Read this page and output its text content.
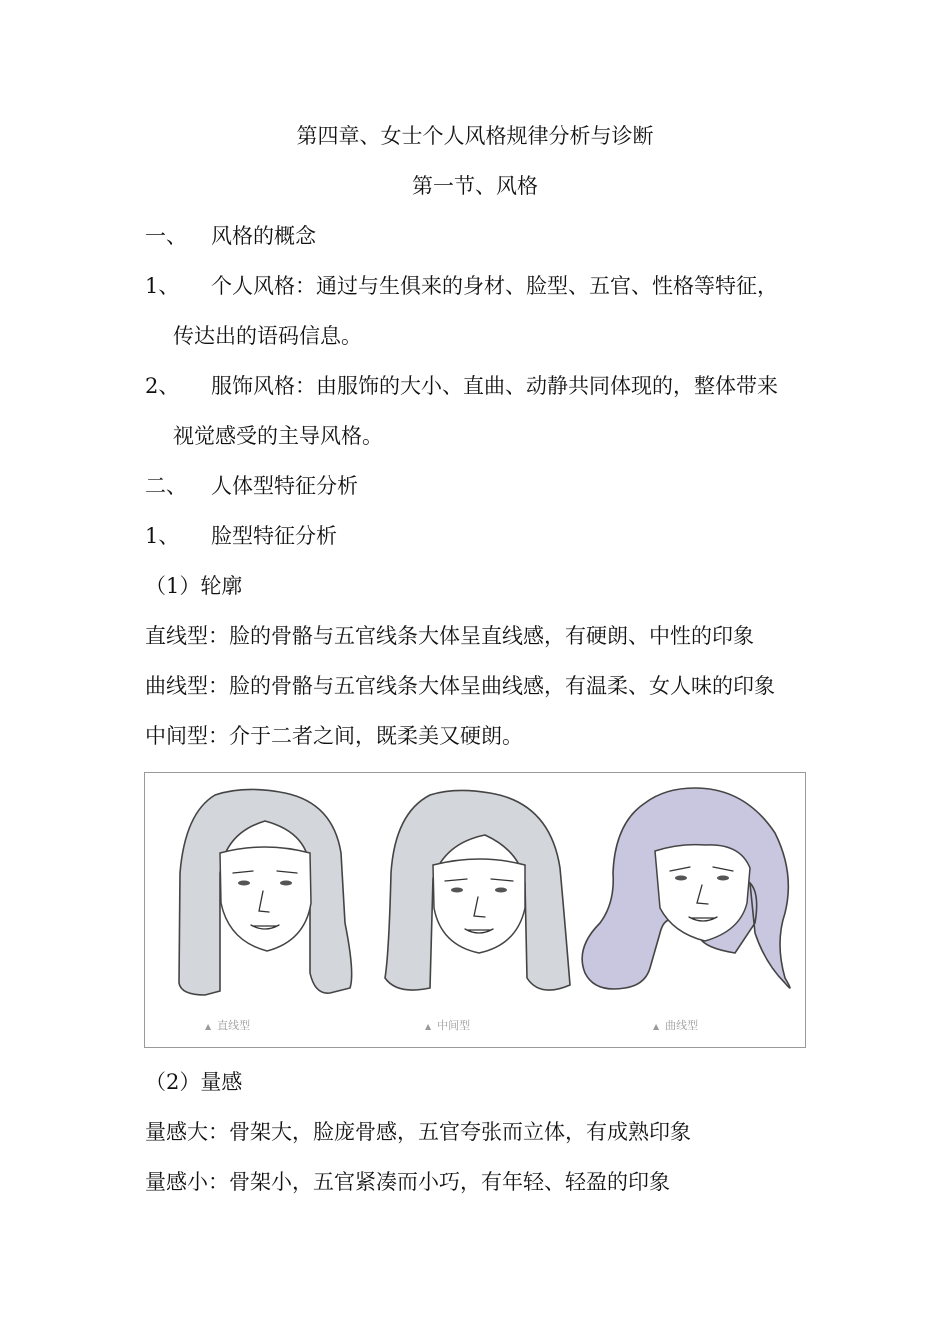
第四章、女士个人风格规律分析与诊断
第一节、风格
一、 风格的概念
1、 个人风格：通过与生俱来的身材、脸型、五官、性格等特征，
传达出的语码信息。
2、 服饰风格：由服饰的大小、直曲、动静共同体现的，整体带来
视觉感受的主导风格。
二、 人体型特征分析
1、 脸型特征分析
（1）轮廓
直线型：脸的骨骼与五官线条大体呈直线感，有硬朗、中性的印象
曲线型：脸的骨骼与五官线条大体呈曲线感，有温柔、女人味的印象
中间型：介于二者之间，既柔美又硬朗。
▲ 直线型	▲ 中间型	▲ 曲线型
（2）量感
量感大：骨架大，脸庞骨感，五官夸张而立体，有成熟印象
量感小：骨架小，五官紧凑而小巧，有年轻、轻盈的印象
